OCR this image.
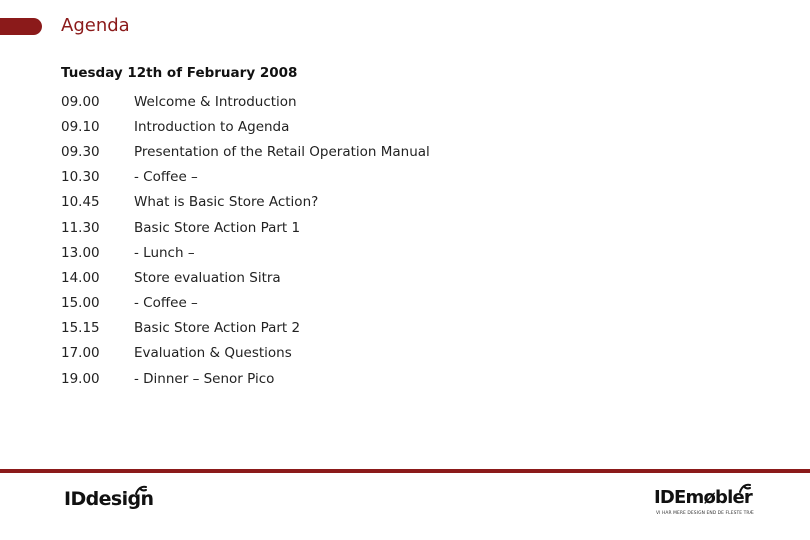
Agenda
Tuesday 12th of February 2008
09.00	Welcome & Introduction
09.10	Introduction to Agenda
09.30	Presentation of the Retail Operation Manual
10.30	- Coffee –
10.45	What is Basic Store Action?
11.30	Basic Store Action Part 1
13.00	- Lunch –
14.00	Store evaluation Sitra
15.00	- Coffee –
15.15	Basic Store Action Part 2
17.00	Evaluation & Questions
19.00	- Dinner – Senor Pico
IDdesign	IDEmøbler
VI HAR MERE DESIGN END DE FLESTE TRÆ
